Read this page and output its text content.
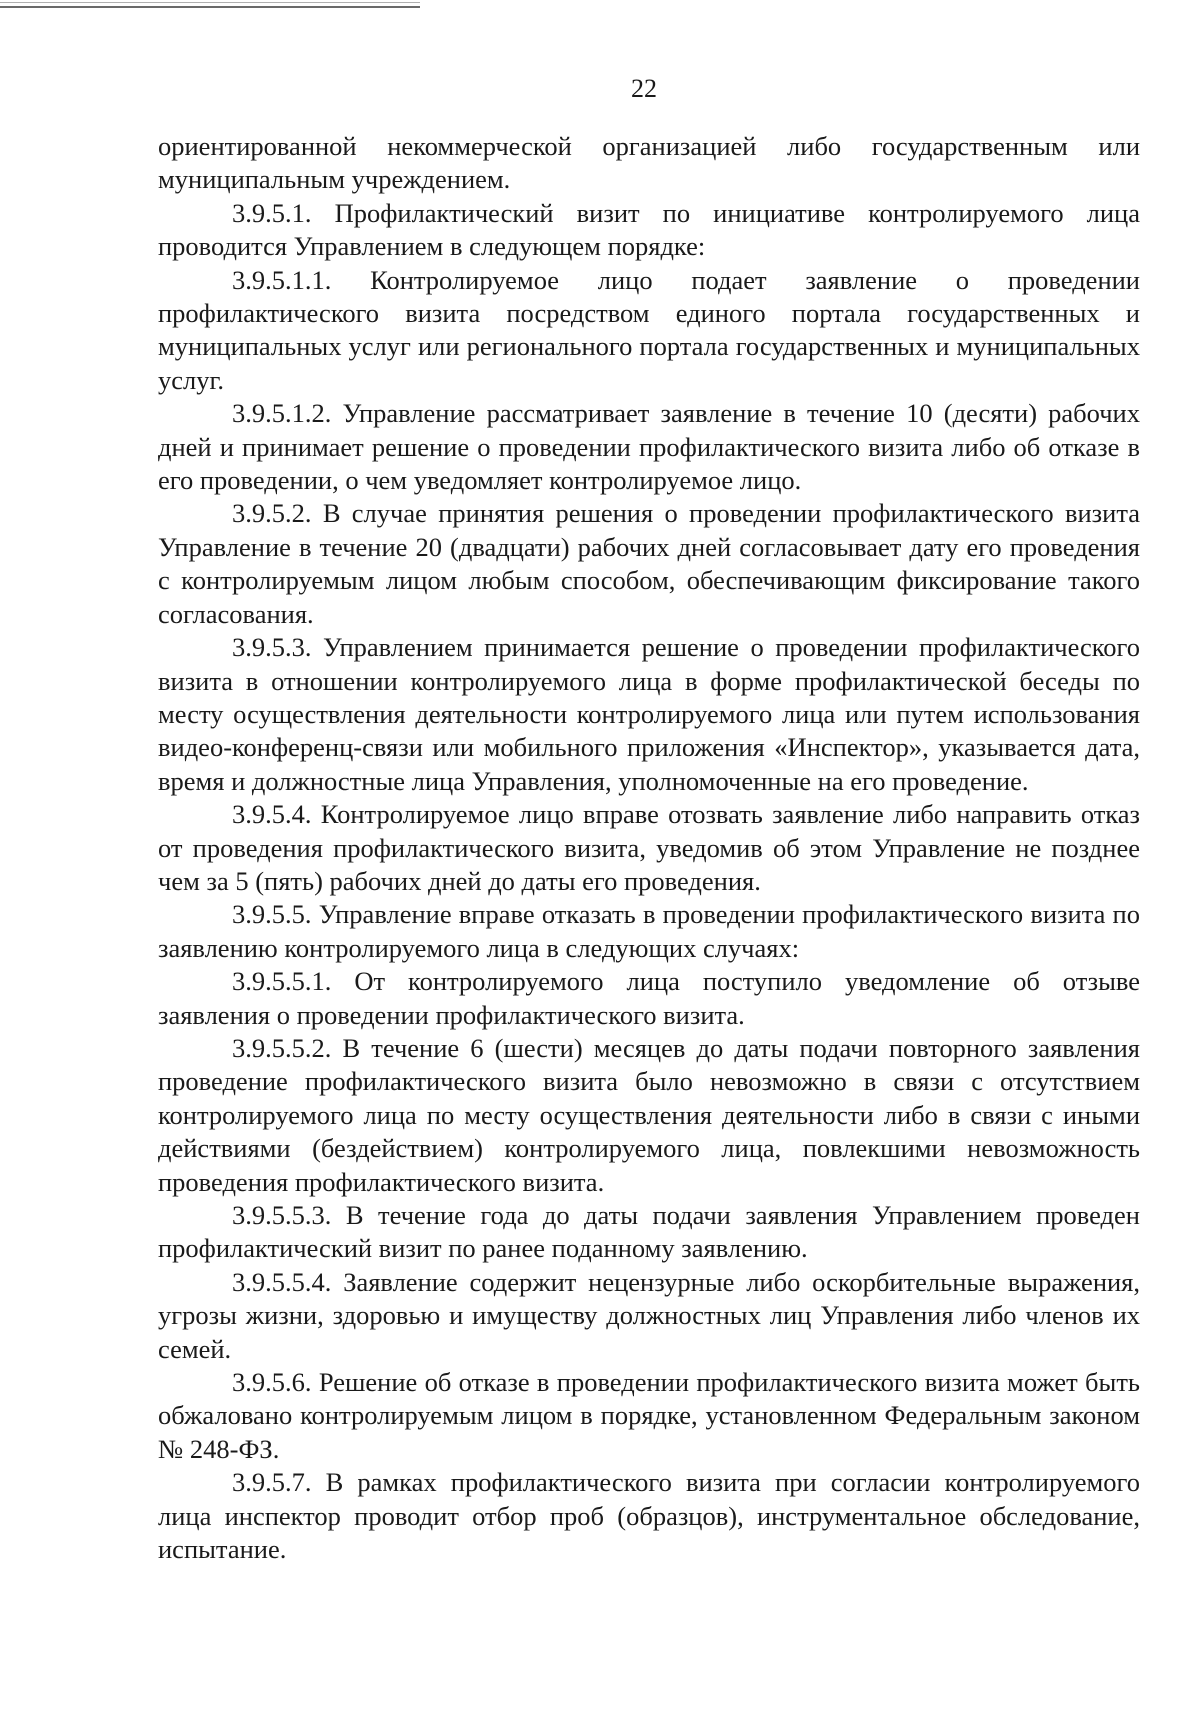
22

ориентированной некоммерческой организацией либо государственным или муниципальным учреждением.

3.9.5.1. Профилактический визит по инициативе контролируемого лица проводится Управлением в следующем порядке:

3.9.5.1.1. Контролируемое лицо подает заявление о проведении профилактического визита посредством единого портала государственных и муниципальных услуг или регионального портала государственных и муниципальных услуг.

3.9.5.1.2. Управление рассматривает заявление в течение 10 (десяти) рабочих дней и принимает решение о проведении профилактического визита либо об отказе в его проведении, о чем уведомляет контролируемое лицо.

3.9.5.2. В случае принятия решения о проведении профилактического визита Управление в течение 20 (двадцати) рабочих дней согласовывает дату его проведения с контролируемым лицом любым способом, обеспечивающим фиксирование такого согласования.

3.9.5.3. Управлением принимается решение о проведении профилактического визита в отношении контролируемого лица в форме профилактической беседы по месту осуществления деятельности контролируемого лица или путем использования видео-конференц-связи или мобильного приложения «Инспектор», указывается дата, время и должностные лица Управления, уполномоченные на его проведение.

3.9.5.4. Контролируемое лицо вправе отозвать заявление либо направить отказ от проведения профилактического визита, уведомив об этом Управление не позднее чем за 5 (пять) рабочих дней до даты его проведения.

3.9.5.5. Управление вправе отказать в проведении профилактического визита по заявлению контролируемого лица в следующих случаях:

3.9.5.5.1. От контролируемого лица поступило уведомление об отзыве заявления о проведении профилактического визита.

3.9.5.5.2. В течение 6 (шести) месяцев до даты подачи повторного заявления проведение профилактического визита было невозможно в связи с отсутствием контролируемого лица по месту осуществления деятельности либо в связи с иными действиями (бездействием) контролируемого лица, повлекшими невозможность проведения профилактического визита.

3.9.5.5.3. В течение года до даты подачи заявления Управлением проведен профилактический визит по ранее поданному заявлению.

3.9.5.5.4. Заявление содержит нецензурные либо оскорбительные выражения, угрозы жизни, здоровью и имуществу должностных лиц Управления либо членов их семей.

3.9.5.6. Решение об отказе в проведении профилактического визита может быть обжаловано контролируемым лицом в порядке, установленном Федеральным законом № 248-ФЗ.

3.9.5.7. В рамках профилактического визита при согласии контролируемого лица инспектор проводит отбор проб (образцов), инструментальное обследование, испытание.
